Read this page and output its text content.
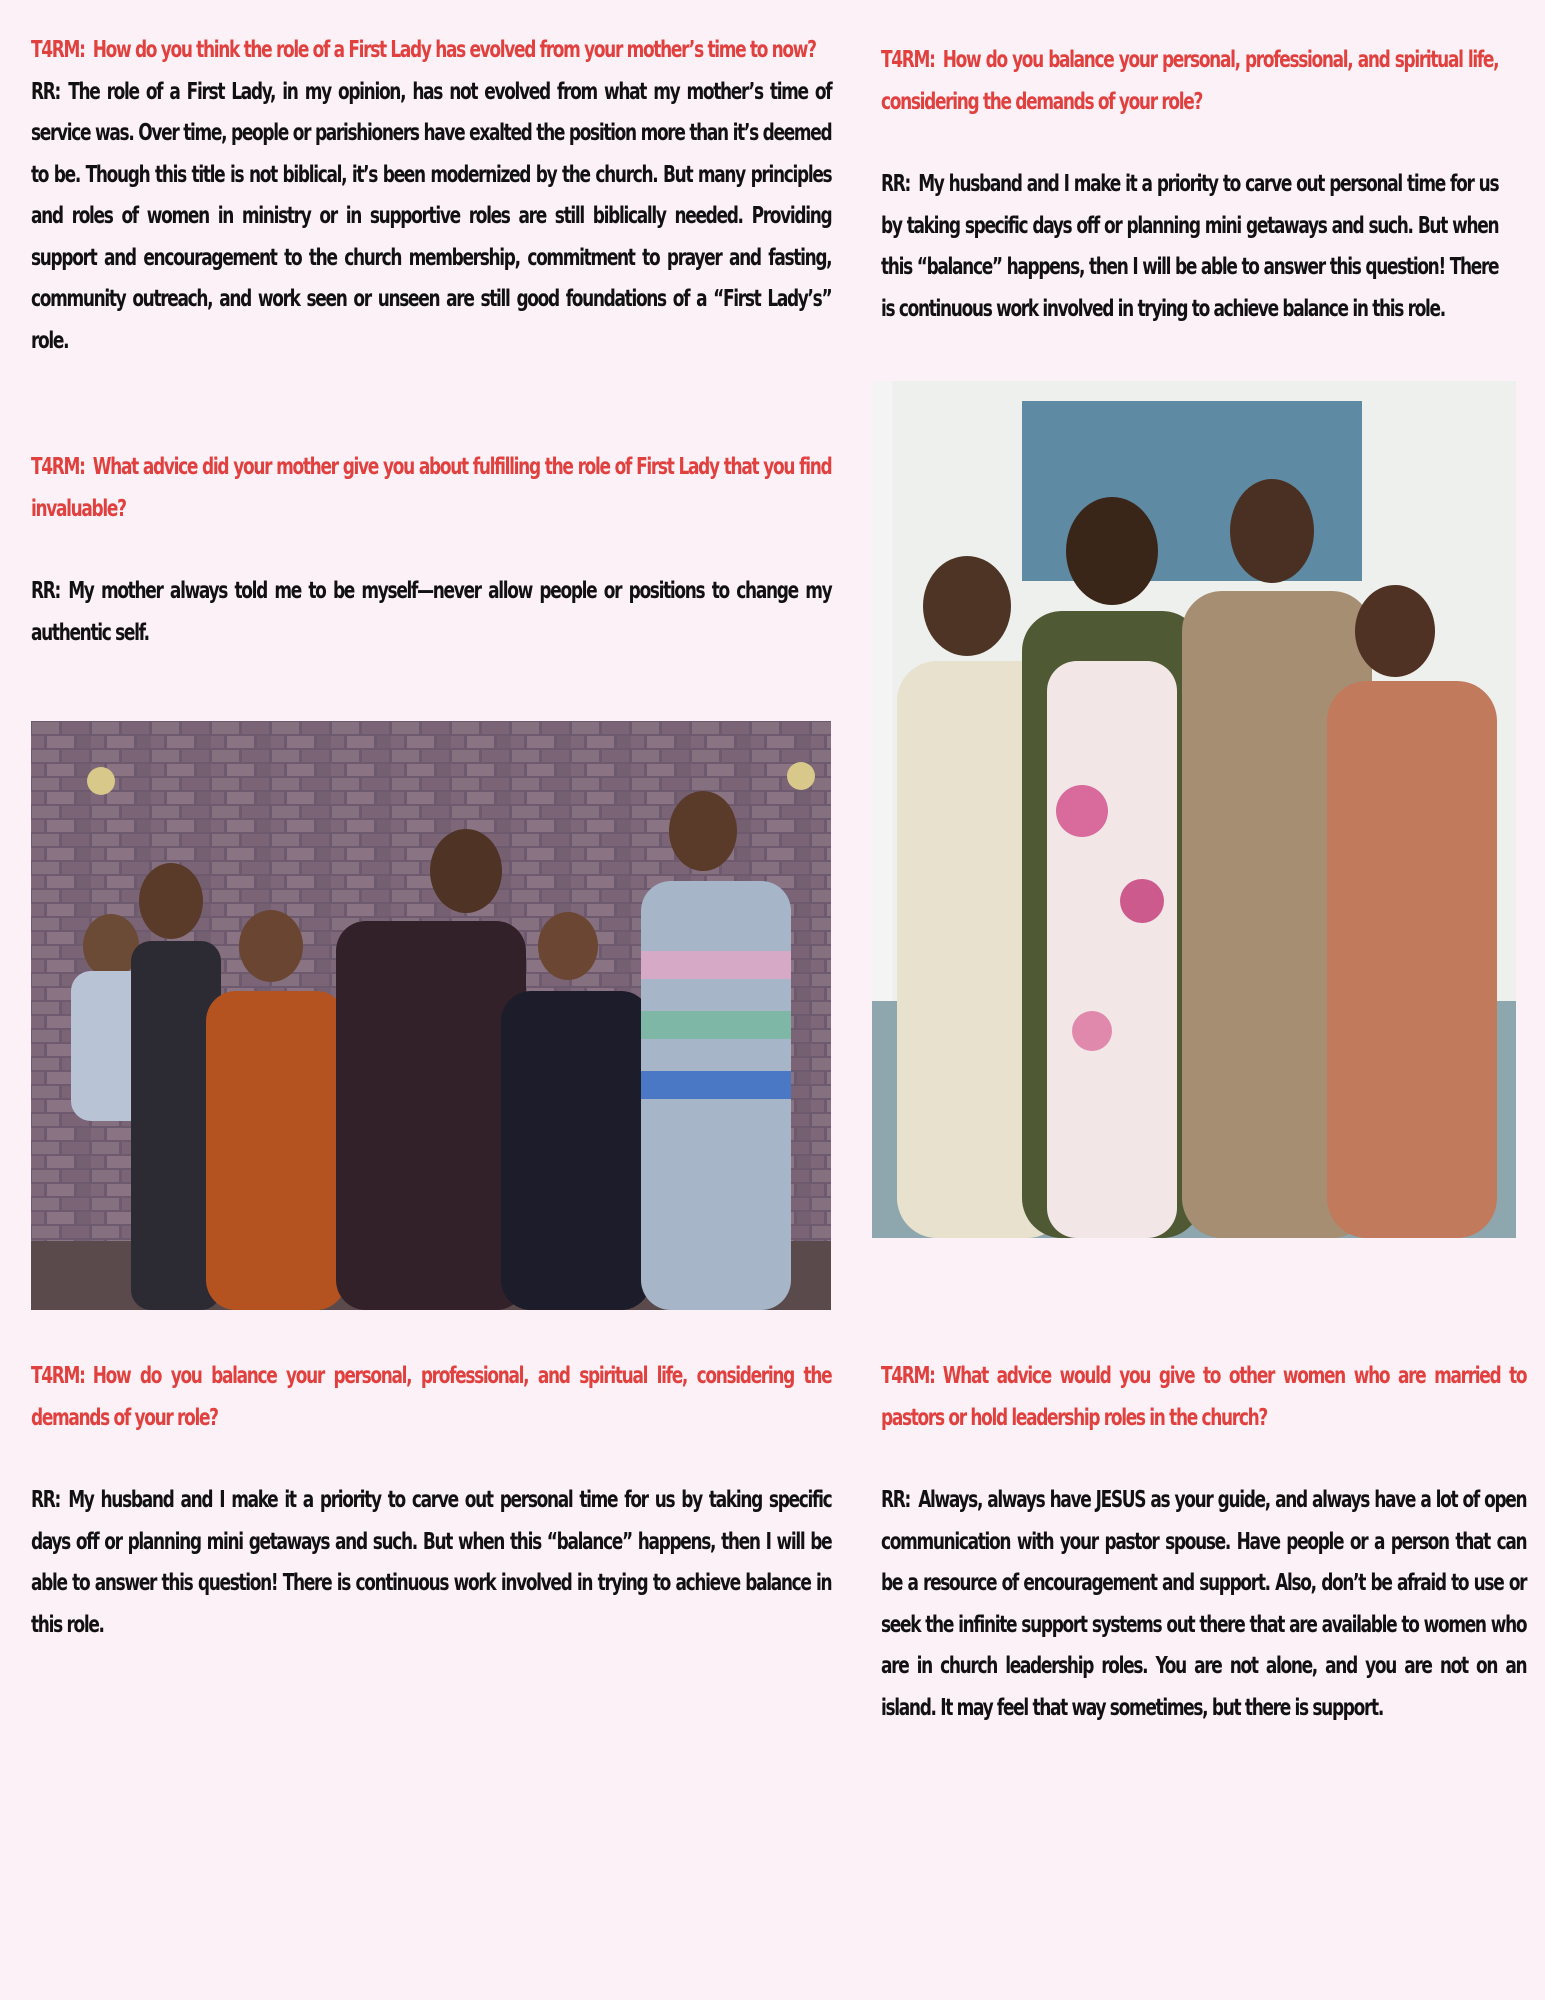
T4RM: How do you think the role of a First Lady has evolved from your mother’s time to now?

RR: The role of a First Lady, in my opinion, has not evolved from what my mother’s time of service was. Over time, people or parishioners have exalted the position more than it’s deemed to be. Though this title is not biblical, it’s been modernized by the church. But many principles and roles of women in ministry or in supportive roles are still biblically needed. Providing support and encouragement to the church membership, commitment to prayer and fasting, community outreach, and work seen or unseen are still good foundations of a “First Lady’s” role.

T4RM: What advice did your mother give you about fulfilling the role of First Lady that you find invaluable?

RR: My mother always told me to be myself—never allow people or positions to change my authentic self.

T4RM: How do you balance your personal, professional, and spiritual life, considering the demands of your role?

RR: My husband and I make it a priority to carve out personal time for us by taking specific days off or planning mini getaways and such. But when this “balance” happens, then I will be able to answer this question! There is continuous work involved in trying to achieve balance in this role.

T4RM: How do you balance your personal, professional, and spiritual life, considering the demands of your role?

RR: My husband and I make it a priority to carve out personal time for us by taking specific days off or planning mini getaways and such. But when this “balance” happens, then I will be able to answer this question! There is continuous work involved in trying to achieve balance in this role.

T4RM: What advice would you give to other women who are married to pastors or hold leadership roles in the church?

RR: Always, always have JESUS as your guide, and always have a lot of open communication with your pastor spouse. Have people or a person that can be a resource of encouragement and support. Also, don’t be afraid to use or seek the infinite support systems out there that are available to women who are in church leadership roles. You are not alone, and you are not on an island. It may feel that way sometimes, but there is support.
